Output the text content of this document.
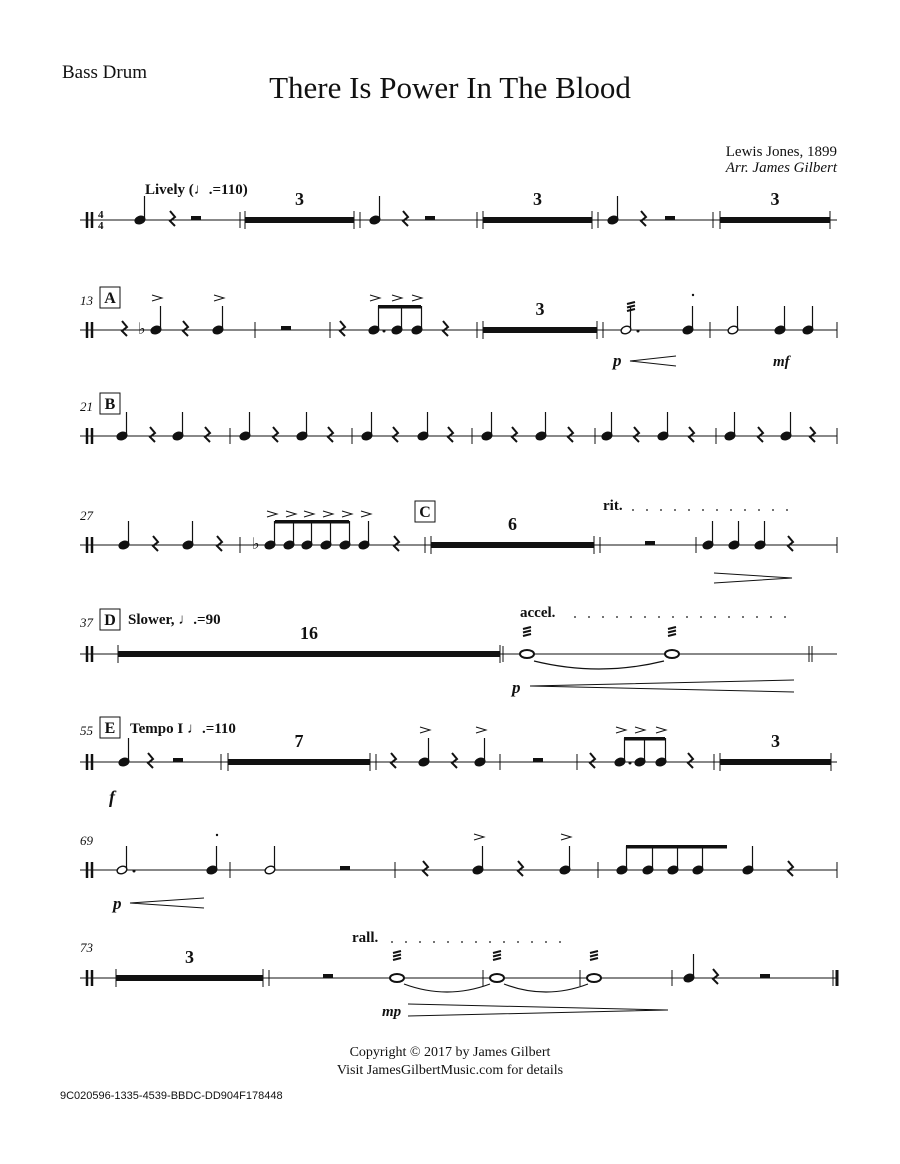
Bass Drum	There Is Power In The Blood
Lewis Jones, 1899
Arr. James Gilbert
4
4
Lively (♩.=110)	3	3	3
13 A
♭
3
p	mf
21 B
27
♭
C
6
rit.
37 D Slower, ♩.=90
16
accel.
p
55 E Tempo I ♩.=110
7	3
f
69
p
73	3
rall.
mp
Copyright © 2017 by James Gilbert
Visit JamesGilbertMusic.com for details
9C020596-1335-4539-BBDC-DD904F178448
